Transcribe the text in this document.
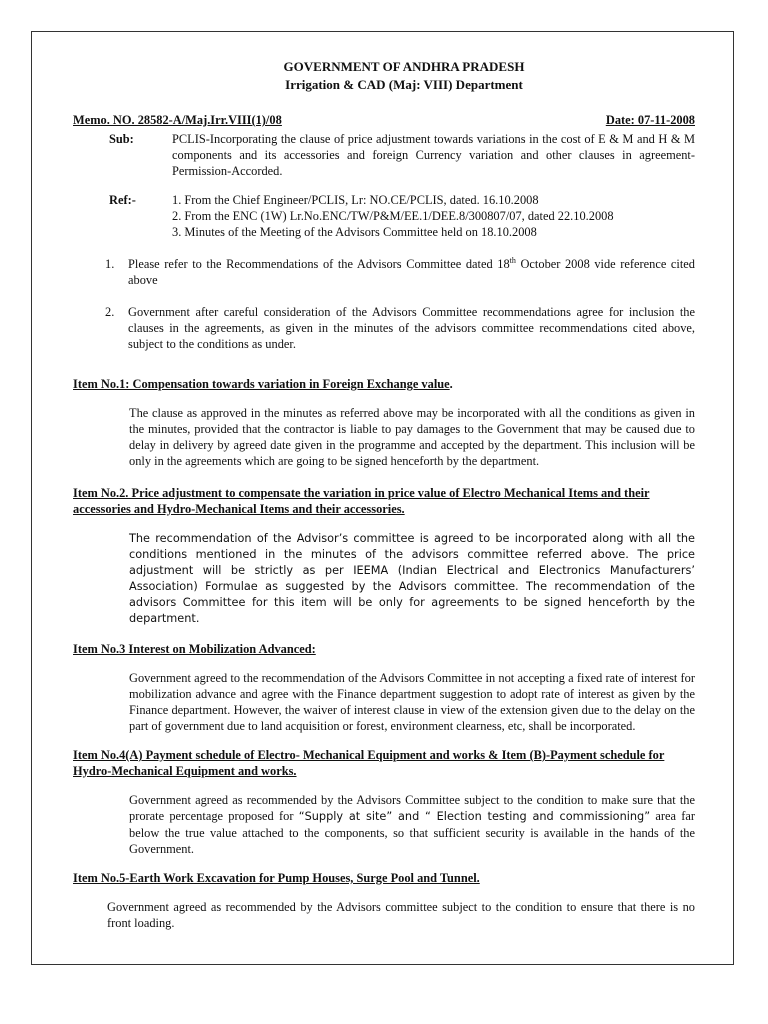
GOVERNMENT OF ANDHRA PRADESH
Irrigation & CAD (Maj: VIII) Department
Memo. NO. 28582-A/Maj.Irr.VIII(1)/08	Date: 07-11-2008
Sub:	PCLIS-Incorporating the clause of price adjustment towards variations in the cost of E & M and H & M components and its accessories and foreign Currency variation and other clauses in agreement-Permission-Accorded.
Ref:-	1. From the Chief Engineer/PCLIS, Lr: NO.CE/PCLIS, dated. 16.10.2008
2. From the ENC (1W) Lr.No.ENC/TW/P&M/EE.1/DEE.8/300807/07, dated 22.10.2008
3. Minutes of the Meeting of the Advisors Committee held on 18.10.2008
1.	Please refer to the Recommendations of the Advisors Committee dated 18th October 2008 vide reference cited above
2.	Government after careful consideration of the Advisors Committee recommendations agree for inclusion the clauses in the agreements, as given in the minutes of the advisors committee recommendations cited above, subject to the conditions as under.
Item No.1: Compensation towards variation in Foreign Exchange value.
The clause as approved in the minutes as referred above may be incorporated with all the conditions as given in the minutes, provided that the contractor is liable to pay damages to the Government that may be caused due to delay in delivery by agreed date given in the programme and accepted by the department. This inclusion will be only in the agreements which are going to be signed henceforth by the department.
Item No.2. Price adjustment to compensate the variation in price value of Electro Mechanical Items and their accessories and Hydro-Mechanical Items and their accessories.
The recommendation of the Advisor’s committee is agreed to be incorporated along with all the conditions mentioned in the minutes of the advisors committee referred above. The price adjustment will be strictly as per IEEMA (Indian Electrical and Electronics Manufacturers’ Association) Formulae as suggested by the Advisors committee. The recommendation of the advisors Committee for this item will be only for agreements to be signed henceforth by the department.
Item No.3 Interest on Mobilization Advanced:
Government agreed to the recommendation of the Advisors Committee in not accepting a fixed rate of interest for mobilization advance and agree with the Finance department suggestion to adopt rate of interest as given by the Finance department. However, the waiver of interest clause in view of the extension given due to the delay on the part of government due to land acquisition or forest, environment clearness, etc, shall be incorporated.
Item No.4(A) Payment schedule of Electro- Mechanical Equipment and works & Item (B)-Payment schedule for Hydro-Mechanical Equipment and works.
Government agreed as recommended by the Advisors Committee subject to the condition to make sure that the prorate percentage proposed for “Supply at site” and “ Election testing and commissioning” area far below the true value attached to the components, so that sufficient security is available in the hands of the Government.
Item No.5-Earth Work Excavation for Pump Houses, Surge Pool and Tunnel.
Government agreed as recommended by the Advisors committee subject to the condition to ensure that there is no front loading.
